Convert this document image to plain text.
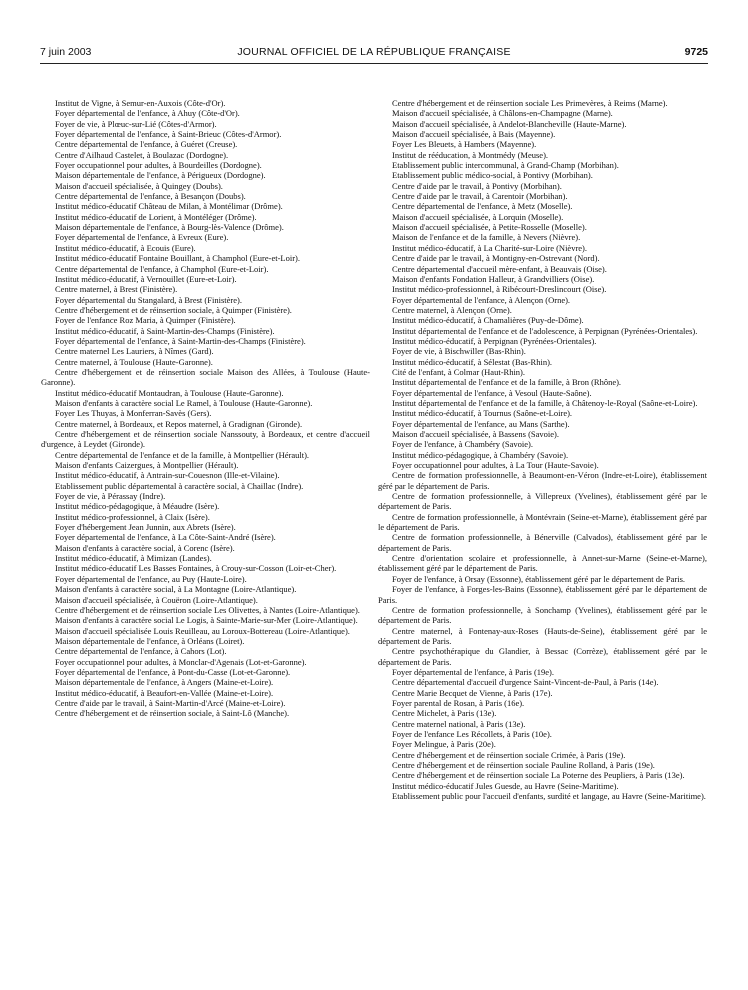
7 juin 2003	JOURNAL OFFICIEL DE LA RÉPUBLIQUE FRANÇAISE	9725

Institut de Vigne, à Semur-en-Auxois (Côte-d'Or).

Foyer départemental de l'enfance, à Ahuy (Côte-d'Or).

Foyer de vie, à Plœuc-sur-Lié (Côtes-d'Armor).

Foyer départemental de l'enfance, à Saint-Brieuc (Côtes-d'Armor).

Centre départemental de l'enfance, à Guéret (Creuse).

Centre d'Ailhaud Castelet, à Boulazac (Dordogne).

Foyer occupationnel pour adultes, à Bourdeilles (Dordogne).

Maison départementale de l'enfance, à Périgueux (Dordogne).

Maison d'accueil spécialisée, à Quingey (Doubs).

Centre départemental de l'enfance, à Besançon (Doubs).

Institut médico-éducatif Château de Milan, à Montélimar (Drôme).

Institut médico-éducatif de Lorient, à Montéléger (Drôme).

Maison départementale de l'enfance, à Bourg-lès-Valence (Drôme).

Foyer départemental de l'enfance, à Evreux (Eure).

Institut médico-éducatif, à Ecouis (Eure).

Institut médico-éducatif Fontaine Bouillant, à Champhol (Eure-et-Loir).

Centre départemental de l'enfance, à Champhol (Eure-et-Loir).

Institut médico-éducatif, à Vernouillet (Eure-et-Loir).

Centre maternel, à Brest (Finistère).

Foyer départemental du Stangalard, à Brest (Finistère).

Centre d'hébergement et de réinsertion sociale, à Quimper (Finistère).

Foyer de l'enfance Roz Maria, à Quimper (Finistère).

Institut médico-éducatif, à Saint-Martin-des-Champs (Finistère).

Foyer départemental de l'enfance, à Saint-Martin-des-Champs (Finistère).

Centre maternel Les Lauriers, à Nîmes (Gard).

Centre maternel, à Toulouse (Haute-Garonne).

Centre d'hébergement et de réinsertion sociale Maison des Allées, à Toulouse (Haute-Garonne).

Institut médico-éducatif Montaudran, à Toulouse (Haute-Garonne).

Maison d'enfants à caractère social Le Ramel, à Toulouse (Haute-Garonne).

Foyer Les Thuyas, à Monferran-Savès (Gers).

Centre maternel, à Bordeaux, et Repos maternel, à Gradignan (Gironde).

Centre d'hébergement et de réinsertion sociale Nanssouty, à Bordeaux, et centre d'accueil d'urgence, à Leydet (Gironde).

Centre départemental de l'enfance et de la famille, à Montpellier (Hérault).

Maison d'enfants Caizergues, à Montpellier (Hérault).

Institut médico-éducatif, à Antrain-sur-Couesnon (Ille-et-Vilaine).

Etablissement public départemental à caractère social, à Chaillac (Indre).

Foyer de vie, à Pérassay (Indre).

Institut médico-pédagogique, à Méaudre (Isère).

Institut médico-professionnel, à Claix (Isère).

Foyer d'hébergement Jean Junnin, aux Abrets (Isère).

Foyer départemental de l'enfance, à La Côte-Saint-André (Isère).

Maison d'enfants à caractère social, à Corenc (Isère).

Institut médico-éducatif, à Mimizan (Landes).

Institut médico-éducatif Les Basses Fontaines, à Crouy-sur-Cosson (Loir-et-Cher).

Foyer départemental de l'enfance, au Puy (Haute-Loire).

Maison d'enfants à caractère social, à La Montagne (Loire-Atlantique).

Maison d'accueil spécialisée, à Couëron (Loire-Atlantique).

Centre d'hébergement et de réinsertion sociale Les Olivettes, à Nantes (Loire-Atlantique).

Maison d'enfants à caractère social Le Logis, à Sainte-Marie-sur-Mer (Loire-Atlantique).

Maison d'accueil spécialisée Louis Reuilleau, au Loroux-Bottereau (Loire-Atlantique).

Maison départementale de l'enfance, à Orléans (Loiret).

Centre départemental de l'enfance, à Cahors (Lot).

Foyer occupationnel pour adultes, à Monclar-d'Agenais (Lot-et-Garonne).

Foyer départemental de l'enfance, à Pont-du-Casse (Lot-et-Garonne).

Maison départementale de l'enfance, à Angers (Maine-et-Loire).

Institut médico-éducatif, à Beaufort-en-Vallée (Maine-et-Loire).

Centre d'aide par le travail, à Saint-Martin-d'Arcé (Maine-et-Loire).

Centre d'hébergement et de réinsertion sociale, à Saint-Lô (Manche).

Centre d'hébergement et de réinsertion sociale Les Primevères, à Reims (Marne).

Maison d'accueil spécialisée, à Châlons-en-Champagne (Marne).

Maison d'accueil spécialisée, à Andelot-Blancheville (Haute-Marne).

Maison d'accueil spécialisée, à Bais (Mayenne).

Foyer Les Bleuets, à Hambers (Mayenne).

Institut de rééducation, à Montmédy (Meuse).

Etablissement public intercommunal, à Grand-Champ (Morbihan).

Etablissement public médico-social, à Pontivy (Morbihan).

Centre d'aide par le travail, à Pontivy (Morbihan).

Centre d'aide par le travail, à Carentoir (Morbihan).

Centre départemental de l'enfance, à Metz (Moselle).

Maison d'accueil spécialisée, à Lorquin (Moselle).

Maison d'accueil spécialisée, à Petite-Rosselle (Moselle).

Maison de l'enfance et de la famille, à Nevers (Nièvre).

Institut médico-éducatif, à La Charité-sur-Loire (Nièvre).

Centre d'aide par le travail, à Montigny-en-Ostrevant (Nord).

Centre départemental d'accueil mère-enfant, à Beauvais (Oise).

Maison d'enfants Fondation Halleur, à Grandvilliers (Oise).

Institut médico-professionnel, à Ribécourt-Dreslincourt (Oise).

Foyer départemental de l'enfance, à Alençon (Orne).

Centre maternel, à Alençon (Orne).

Institut médico-éducatif, à Chamalières (Puy-de-Dôme).

Institut départemental de l'enfance et de l'adolescence, à Perpignan (Pyrénées-Orientales).

Institut médico-éducatif, à Perpignan (Pyrénées-Orientales).

Foyer de vie, à Bischwiller (Bas-Rhin).

Institut médico-éducatif, à Sélestat (Bas-Rhin).

Cité de l'enfant, à Colmar (Haut-Rhin).

Institut départemental de l'enfance et de la famille, à Bron (Rhône).

Foyer départemental de l'enfance, à Vesoul (Haute-Saône).

Institut départemental de l'enfance et de la famille, à Châtenoy-le-Royal (Saône-et-Loire).

Institut médico-éducatif, à Tournus (Saône-et-Loire).

Foyer départemental de l'enfance, au Mans (Sarthe).

Maison d'accueil spécialisée, à Bassens (Savoie).

Foyer de l'enfance, à Chambéry (Savoie).

Institut médico-pédagogique, à Chambéry (Savoie).

Foyer occupationnel pour adultes, à La Tour (Haute-Savoie).

Centre de formation professionnelle, à Beaumont-en-Véron (Indre-et-Loire), établissement géré par le département de Paris.

Centre de formation professionnelle, à Villepreux (Yvelines), établissement géré par le département de Paris.

Centre de formation professionnelle, à Montévrain (Seine-et-Marne), établissement géré par le département de Paris.

Centre de formation professionnelle, à Bénerville (Calvados), établissement géré par le département de Paris.

Centre d'orientation scolaire et professionnelle, à Annet-sur-Marne (Seine-et-Marne), établissement géré par le département de Paris.

Foyer de l'enfance, à Orsay (Essonne), établissement géré par le département de Paris.

Foyer de l'enfance, à Forges-les-Bains (Essonne), établissement géré par le département de Paris.

Centre de formation professionnelle, à Sonchamp (Yvelines), établissement géré par le département de Paris.

Centre maternel, à Fontenay-aux-Roses (Hauts-de-Seine), établissement géré par le département de Paris.

Centre psychothérapique du Glandier, à Bessac (Corrèze), établissement géré par le département de Paris.

Foyer départemental de l'enfance, à Paris (19e).

Centre départemental d'accueil d'urgence Saint-Vincent-de-Paul, à Paris (14e).

Centre Marie Becquet de Vienne, à Paris (17e).

Foyer parental de Rosan, à Paris (16e).

Centre Michelet, à Paris (13e).

Centre maternel national, à Paris (13e).

Foyer de l'enfance Les Récollets, à Paris (10e).

Foyer Melingue, à Paris (20e).

Centre d'hébergement et de réinsertion sociale Crimée, à Paris (19e).

Centre d'hébergement et de réinsertion sociale Pauline Rolland, à Paris (19e).

Centre d'hébergement et de réinsertion sociale La Poterne des Peupliers, à Paris (13e).

Institut médico-éducatif Jules Guesde, au Havre (Seine-Maritime).

Etablissement public pour l'accueil d'enfants, surdité et langage, au Havre (Seine-Maritime).
